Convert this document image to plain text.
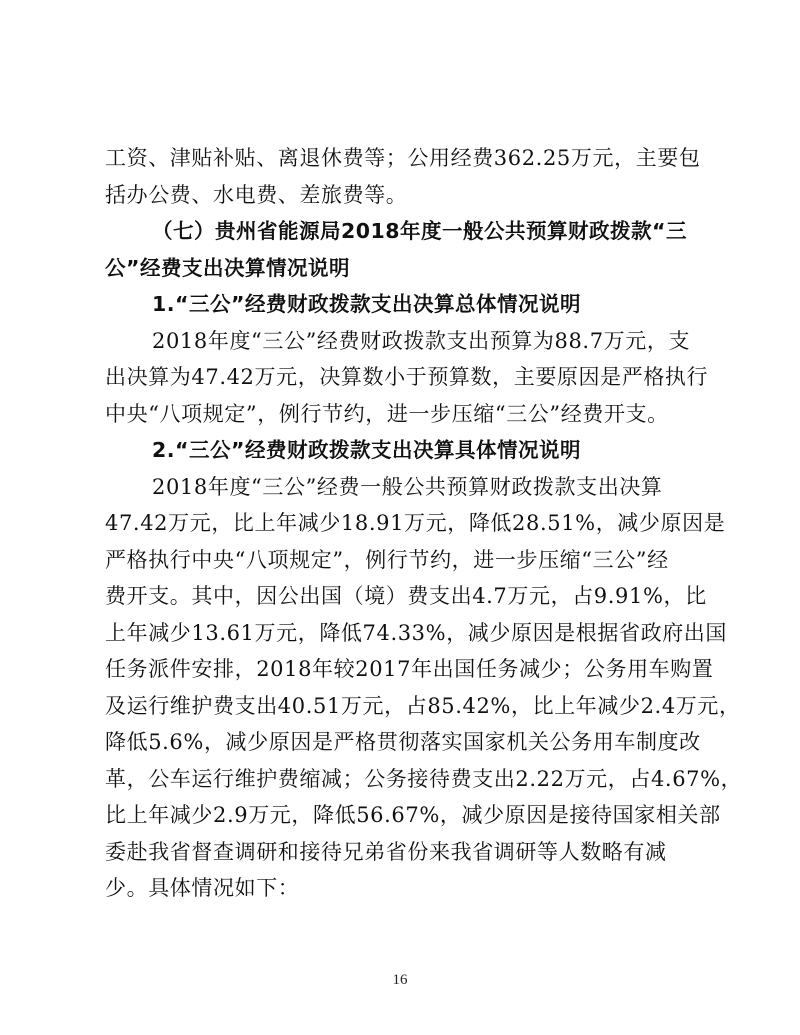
工资、津贴补贴、离退休费等；公用经费362.25万元，主要包
括办公费、水电费、差旅费等。
（七）贵州省能源局2018年度一般公共预算财政拨款“三
公”经费支出决算情况说明
1.“三公”经费财政拨款支出决算总体情况说明
2018年度“三公”经费财政拨款支出预算为88.7万元，支
出决算为47.42万元，决算数小于预算数，主要原因是严格执行
中央“八项规定”，例行节约，进一步压缩“三公”经费开支。
2.“三公”经费财政拨款支出决算具体情况说明
2018年度“三公”经费一般公共预算财政拨款支出决算
47.42万元，比上年减少18.91万元，降低28.51%，减少原因是
严格执行中央“八项规定”，例行节约，进一步压缩“三公”经
费开支。其中，因公出国（境）费支出4.7万元，占9.91%，比
上年减少13.61万元，降低74.33%，减少原因是根据省政府出国
任务派件安排，2018年较2017年出国任务减少；公务用车购置
及运行维护费支出40.51万元，占85.42%，比上年减少2.4万元，
降低5.6%，减少原因是严格贯彻落实国家机关公务用车制度改
革，公车运行维护费缩减；公务接待费支出2.22万元，占4.67%，
比上年减少2.9万元，降低56.67%，减少原因是接待国家相关部
委赴我省督查调研和接待兄弟省份来我省调研等人数略有减
少。具体情况如下：
16
